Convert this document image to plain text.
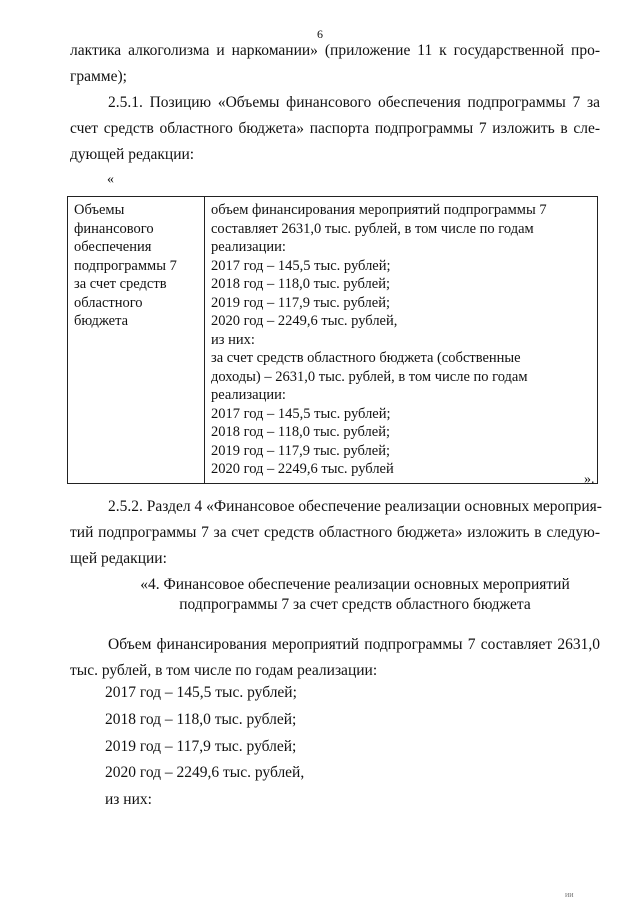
6
лактика алкоголизма и наркомании» (приложение 11 к государственной про-
грамме);
2.5.1. Позицию «Объемы финансового обеспечения подпрограммы 7 за
счет средств областного бюджета» паспорта подпрограммы 7 изложить в сле-
дующей редакции:
«
Объемы
финансового
обеспечения
подпрограммы 7
за счет средств
областного
бюджета

объем финансирования мероприятий подпрограммы 7
составляет 2631,0 тыс. рублей, в том числе по годам
реализации:
2017 год – 145,5 тыс. рублей;
2018 год – 118,0 тыс. рублей;
2019 год – 117,9 тыс. рублей;
2020 год – 2249,6 тыс. рублей,
из них:
за счет средств областного бюджета (собственные
доходы) – 2631,0 тыс. рублей, в том числе по годам
реализации:
2017 год – 145,5 тыс. рублей;
2018 год – 118,0 тыс. рублей;
2019 год – 117,9 тыс. рублей;
2020 год – 2249,6 тыс. рублей
».
2.5.2. Раздел 4 «Финансовое обеспечение реализации основных мероприя-
тий подпрограммы 7 за счет средств областного бюджета» изложить в следую-
щей редакции:
«4. Финансовое обеспечение реализации основных мероприятий
подпрограммы 7 за счет средств областного бюджета
Объем финансирования мероприятий подпрограммы 7 составляет 2631,0
тыс. рублей, в том числе по годам реализации:
2017 год – 145,5 тыс. рублей;
2018 год – 118,0 тыс. рублей;
2019 год – 117,9 тыс. рублей;
2020 год – 2249,6 тыс. рублей,
из них:
ии
